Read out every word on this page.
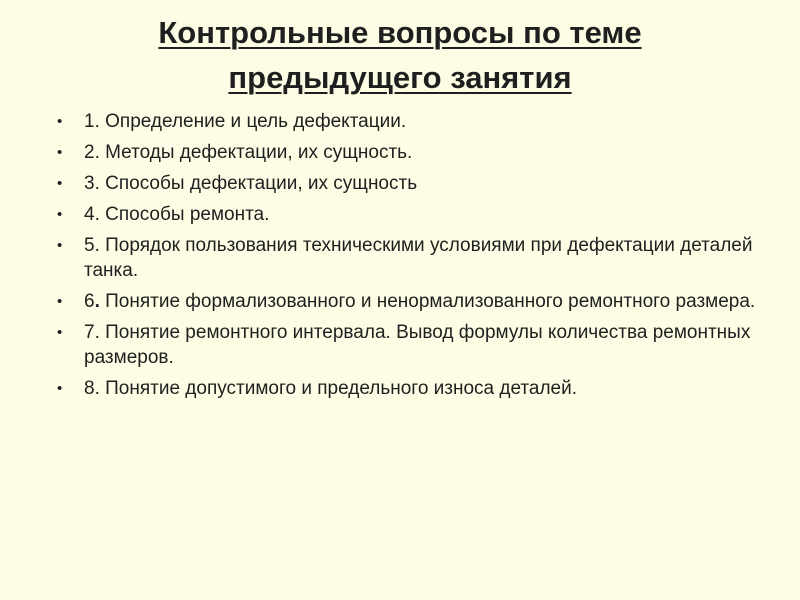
Контрольные вопросы по теме
предыдущего занятия
• 1. Определение и цель дефектации.
• 2. Методы дефектации, их сущность.
• 3. Способы дефектации, их сущность
• 4. Способы ремонта.
• 5. Порядок пользования техническими условиями при дефектации деталей танка.
• 6. Понятие формализованного и ненормализованного ремонтного размера.
• 7. Понятие ремонтного интервала. Вывод формулы количества ремонтных размеров.
• 8. Понятие допустимого и предельного износа деталей.
